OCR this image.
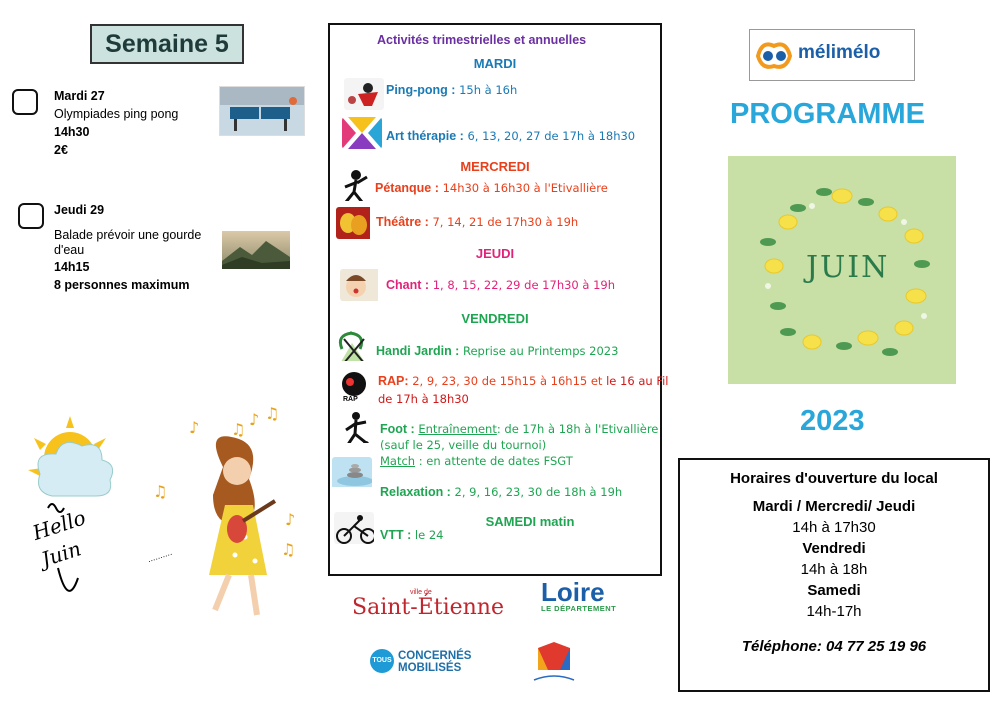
Semaine 5
Mardi 27
Olympiades ping pong
14h30
2€
Jeudi 29
Balade prévoir une gourde d'eau
14h15
8 personnes maximum
Hello Juin
♪ ♫
♪
♫
♫
♪
♫
..........
Activités trimestrielles et annuelles
MARDI
Ping-pong : 15h à 16h
Art thérapie : 6, 13, 20, 27 de 17h à 18h30
MERCREDI
Pétanque : 14h30 à 16h30 à l'Etivallière
Théâtre : 7, 14, 21 de 17h30 à 19h
JEUDI
Chant : 1, 8, 15, 22, 29 de 17h30 à 19h
VENDREDI
Handi Jardin : Reprise au Printemps 2023
RAP
RAP: 2, 9, 23, 30 de 15h15 à 16h15 et le 16 au Fil
de 17h à 18h30
Foot : Entraînement: de 17h à 18h à l'Etivallière
(sauf le 25, veille du tournoi)
Match : en attente de dates FSGT
Relaxation : 2, 9, 16, 23, 30 de 18h à 19h
SAMEDI matin
VTT : le 24
ville de
Saint-Étienne
Loire
LE DÉPARTEMENT
TOUS CONCERNÉS
MOBILISÉS
mélimélo
PROGRAMME
JUIN
2023
Horaires d'ouverture du local
Mardi / Mercredi/ Jeudi
14h à 17h30
Vendredi
14h à 18h
Samedi
14h-17h
Téléphone: 04 77 25 19 96
